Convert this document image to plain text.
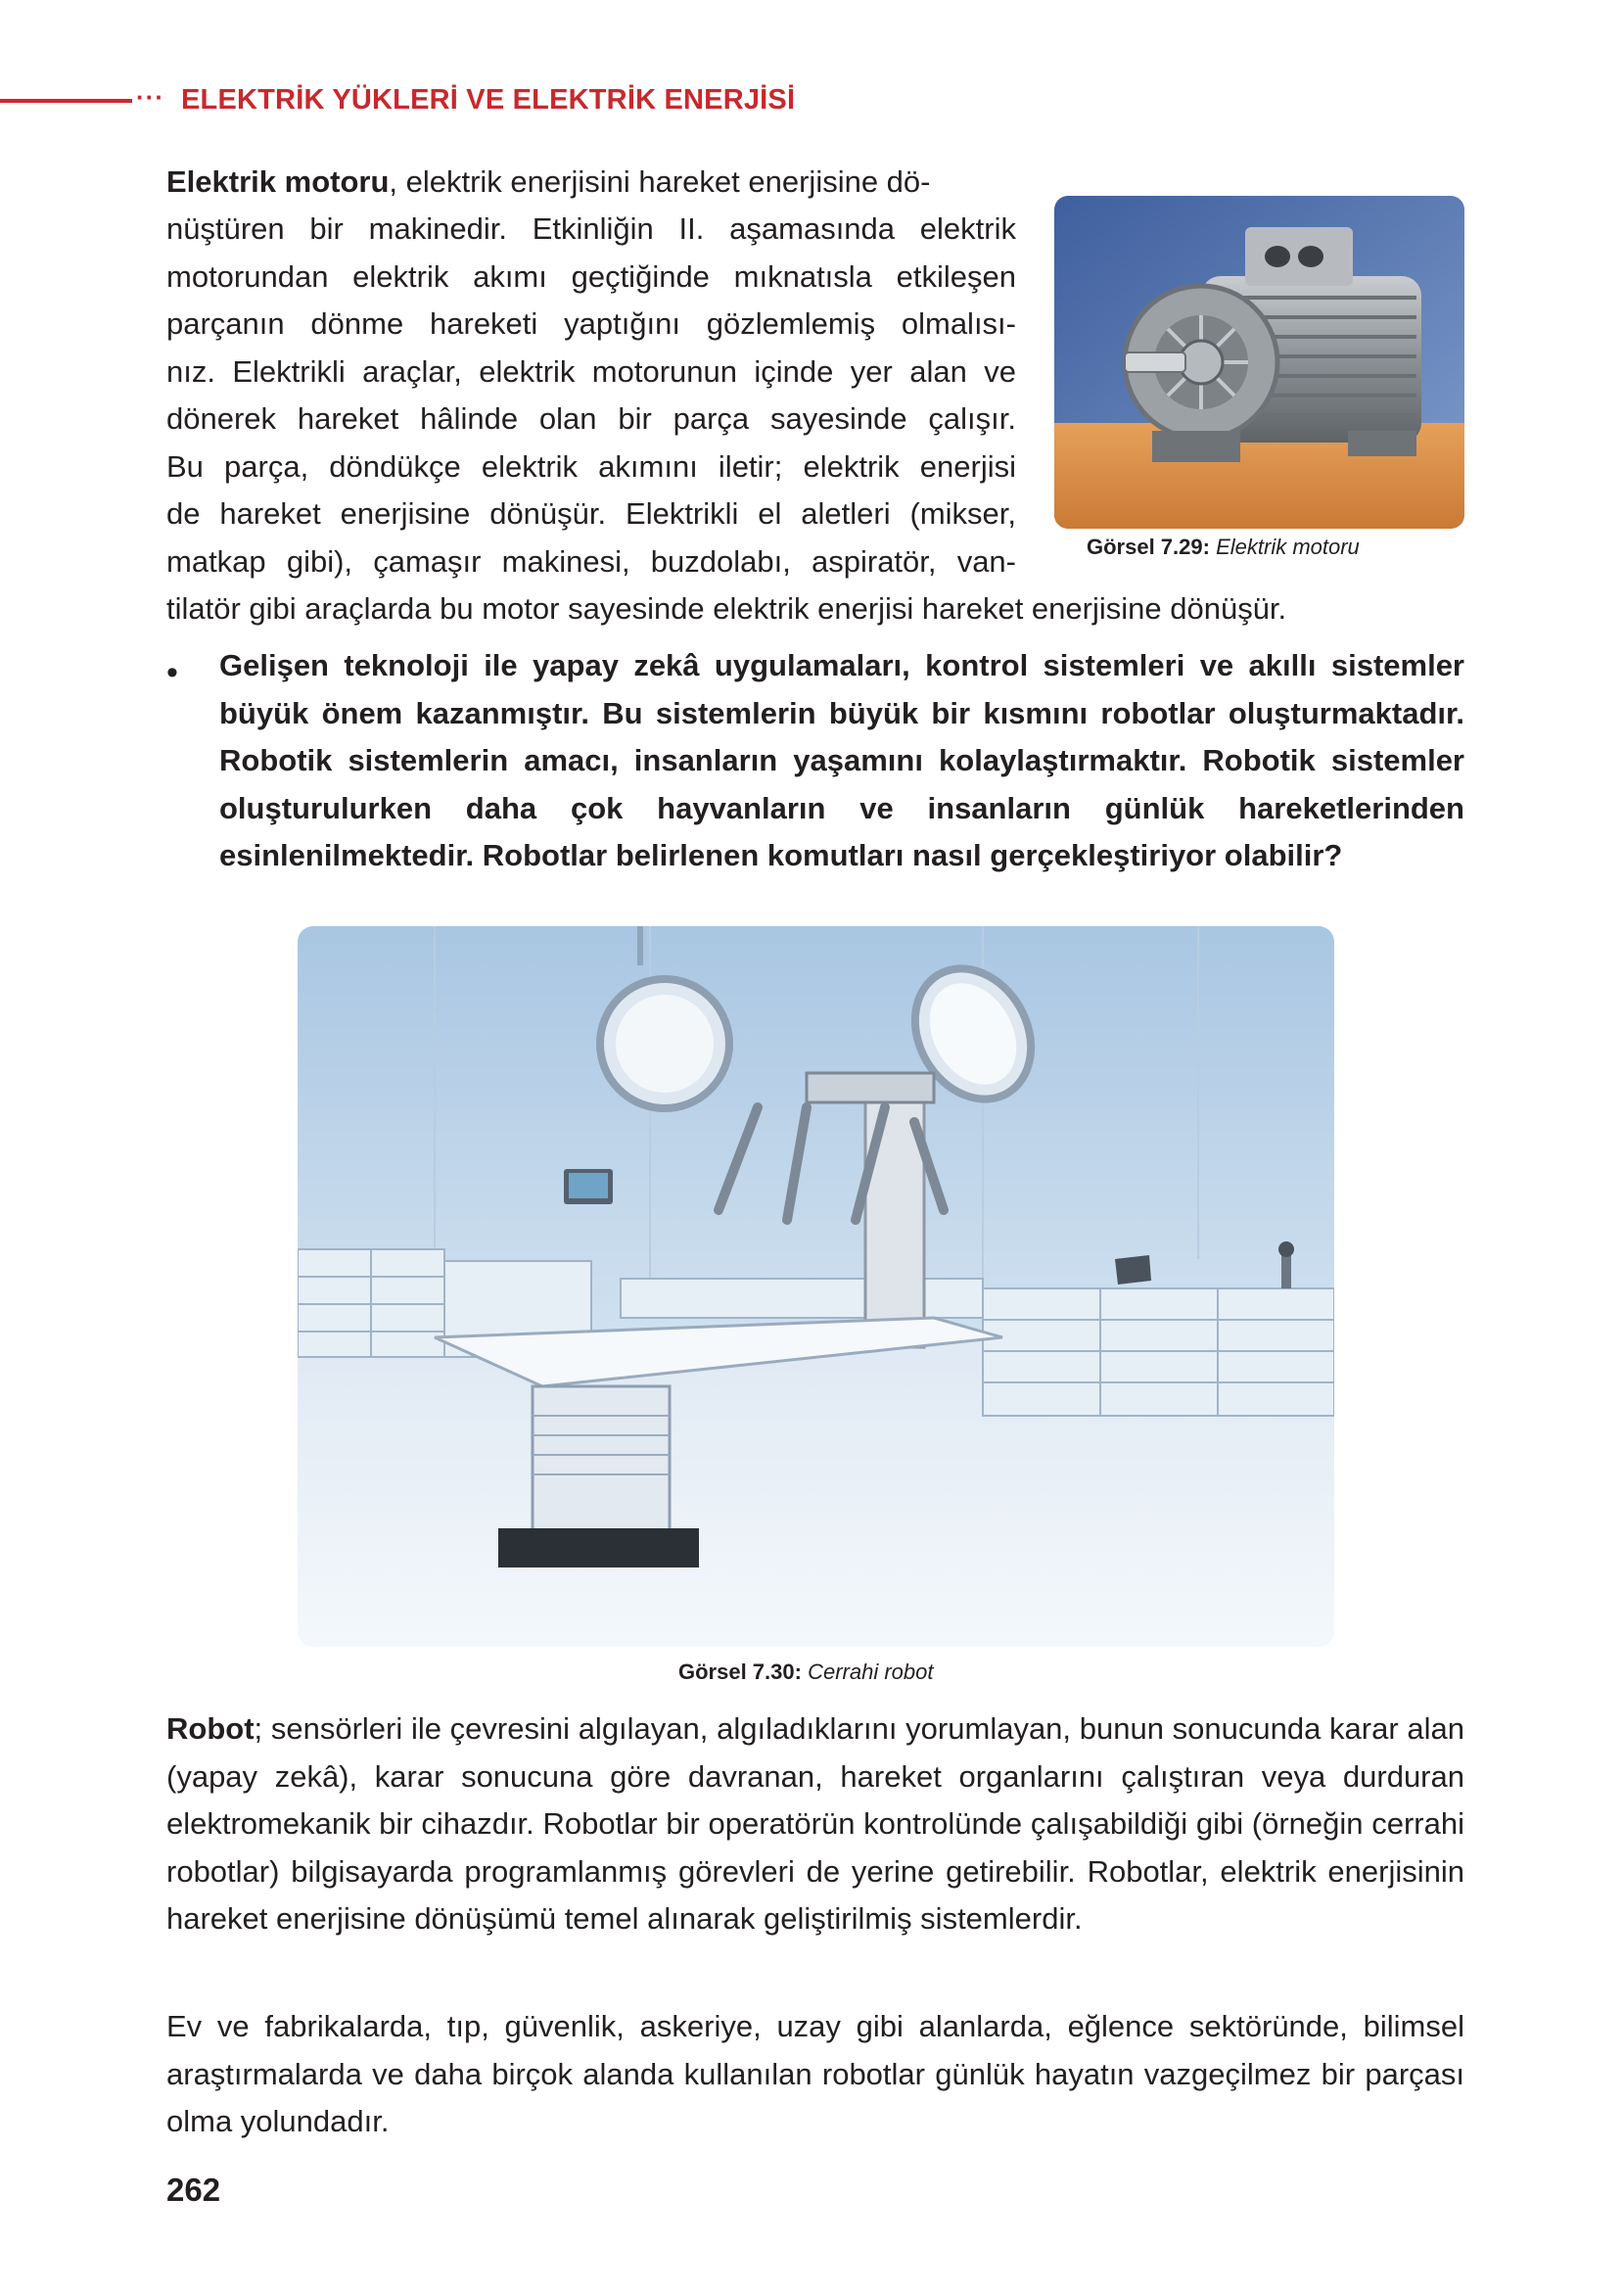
··· ELEKTRİK YÜKLERİ VE ELEKTRİK ENERJİSİ
Elektrik motoru, elektrik enerjisini hareket enerjisine dö-
nüştüren bir makinedir. Etkinliğin II. aşamasında elektrik
motorundan elektrik akımı geçtiğinde mıknatısla etkileşen
parçanın dönme hareketi yaptığını gözlemlemiş olmalısı-
nız. Elektrikli araçlar, elektrik motorunun içinde yer alan ve
dönerek hareket hâlinde olan bir parça sayesinde çalışır.
Bu parça, döndükçe elektrik akımını iletir; elektrik enerjisi
de hareket enerjisine dönüşür. Elektrikli el aletleri (mikser,
matkap gibi), çamaşır makinesi, buzdolabı, aspiratör, van-
tilatör gibi araçlarda bu motor sayesinde elektrik enerjisi hareket enerjisine dönüşür.
Görsel 7.29: Elektrik motoru
• Gelişen teknoloji ile yapay zekâ uygulamaları, kontrol sistemleri ve akıllı sistemler büyük önem kazanmıştır. Bu sistemlerin büyük bir kısmını robotlar oluşturmaktadır. Robotik sistemlerin amacı, insanların yaşamını kolaylaştırmaktır. Robotik sistemler oluşturulurken daha çok hayvanların ve insanların günlük hareketlerinden esinlenilmektedir. Robotlar belirlenen komutları nasıl gerçekleştiriyor olabilir?

Görsel 7.30: Cerrahi robot

Robot; sensörleri ile çevresini algılayan, algıladıklarını yorumlayan, bunun sonucunda karar alan (yapay zekâ), karar sonucuna göre davranan, hareket organlarını çalıştıran veya durduran elektromekanik bir cihazdır. Robotlar bir operatörün kontrolünde çalışabildiği gibi (örneğin cerrahi robotlar) bilgisayarda programlanmış görevleri de yerine getirebilir. Robotlar, elektrik enerjisinin hareket enerjisine dönüşümü temel alınarak geliştirilmiş sistemlerdir.

Ev ve fabrikalarda, tıp, güvenlik, askeriye, uzay gibi alanlarda, eğlence sektöründe, bilimsel araştırmalarda ve daha birçok alanda kullanılan robotlar günlük hayatın vazgeçilmez bir parçası olma yolundadır.

262
